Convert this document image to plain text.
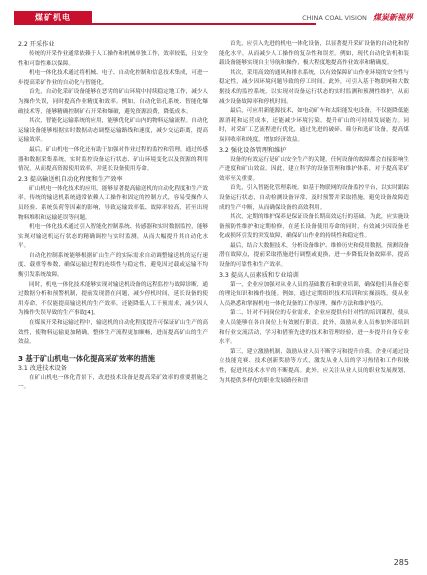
煤矿机电	CHINA COAL VISION 煤炭新视界
2.2 开采作业

传统的开采作业通常依赖于人工操作和机械单独工作，效率较低，且安全性和可靠性难以保障。

机电一体化技术通过将机械、电子、自动化控制和信息技术集成，可进一步提高采矿作业的自动化与智能化。

首先，自动化采矿设备能够在恶劣的矿山环境中持续稳定地工作，减少人为操作失误，同时提高作业精度和效率。例如，自动化钻孔系统、智能化爆破技术等，能够精确控制矿石开采和爆破，避免资源浪费，降低成本。

其次，智能化运输系统的应用，能够优化矿山内的物料运输流程。自动化运输设备能够根据实时数据动态调整运输路线和速度，减少交运距离，提高运输效率。

最后，矿山机电一体化还有助于加强对作业过程的监控和管理，通过传感器和数据采集系统，实时监控设备运行状态、矿山环境变化以及资源的利用情况，从而提高资源使用效率，并延长设备使用寿命。

2.3 提高输送机自动化程度和生产效率

矿山机电一体化技术的应用，能够显著提高输送机的自动化程度和生产效率。传统的输送机系统通常依赖人工操作和固定的控制方式，容易受操作人员经验、系统负荷等因素的影响，导致运输效率低、故障率较高，甚至出现物料堆积和运输延误等问题。

机电一体化技术通过引入智能化控制系统、传感器和实时数据监控，能够实现对输送机运行状态的精确调控与实时监测，从而大幅提升其自动化水平。

自动化控制系统能够根据矿山生产的实际需求自动调整输送机的运行速度、载重等参数，确保运输过程的连续性与稳定性，避免因过载或运输不均衡引发系统故障。

同时，机电一体化技术能够实现对输送机设备的远程监控与故障诊断，通过数据分析和预警机制，提前发现潜在问题，减少停机时间，延长设备的使用寿命，不仅能提高输送机的生产效率，还能降低人工干预需求，减少因人为操作失误导致的生产事故[4]。

在煤炭开采和运输过程中，输送机的自动化程度提升可保证矿山生产的高效性，使物料运输更加精确，整体生产流程更加顺畅，进而提高矿山的生产效益。

3 基于矿山机电一体化提高采矿效率的措施
3.1 改进技术设备

在矿山机电一体化背景下，改进技术设备是提高采矿效率的重要措施之一。

首先，应引入先进的机电一体化设备，以显著提升采矿设备的自动化和智能化水平，从而减少人工操作的复杂性和误差。例如，现代自动化钻机和装载设备能够实现自主导航和操作，极大程度地提高作业效率和精确度。

其次，采用高效的通风和排水系统，以有效保障矿山作业环境的安全性与稳定性，减少因环境问题导致的停工时间。此外，可引入基于物联网和大数据技术的监控系统，以实现对设备运行状态的实时监测和预测性维护，从而减少设备故障率和停机时间。

最后，可应用新能源技术，如电动矿车和太阳能发电设备，不仅能降低能源消耗和运营成本，还能减少环境污染，提升矿山的可持续发展能力。同时，对采矿工艺流程进行优化，通过先进的破碎、筛分和选矿设备，提高煤炭回收率和纯度，增加经济效益。

3.2 强化设备管理和维护

设备的有效运行是矿山安全生产的关键，任何设备的故障都会直接影响生产进度和矿山效益。因此，建立科学的设备管理和维护体系，对于提高采矿效率至关重要。

首先，引入智能化管理系统，如基于物联网的设备监控平台，以实时跟踪设备运行状态，自动检测设备异常，及时预警并采取措施，避免设备故障造成的生产中断，从而确保设备的高效利用。

其次，定期的维护保养是保证设备长期高效运行的基础。为此，应实施设备预防性维护和定期检修，在延长设备使用寿命的同时，有效减少因设备老化或损坏引发的突发故障，确保矿山作业的持续性和稳定性。

最后，结合大数据技术，分析设备维护、维修历史和使用数据，预测设备潜在故障点，提前采取措施进行调整或更换，进一步降低设备故障率，提高设备的可靠性和生产效率。

3.3 提高人员素质和专业培训

第一，企业应加强对从业人员的基础教育和职业培训，确保他们具备必要的理论知识和操作技能。例如，通过定期组织技术培训和实操演练，使从业人员熟悉和掌握机电一体化设备的工作原理、操作方法和维护技巧。

第二，针对不同岗位的专业需求，企业应提供有针对性的培训课程，使从业人员能够在各自岗位上有效履行职责。此外，鼓励从业人员参加外部培训和行业交流活动，学习和借鉴先进的技术和管理经验，进一步提升自身专业水平。

第三，建立激励机制，鼓励从业人员不断学习和提升自我。企业可通过设立技能竞赛、技术创新奖励等方式，激发从业人员的学习热情和工作积极性，促进其技术水平的不断提高。此外，应关注从业人员的职业发展规划，为其提供多样化的职业发展路径和晋

285
